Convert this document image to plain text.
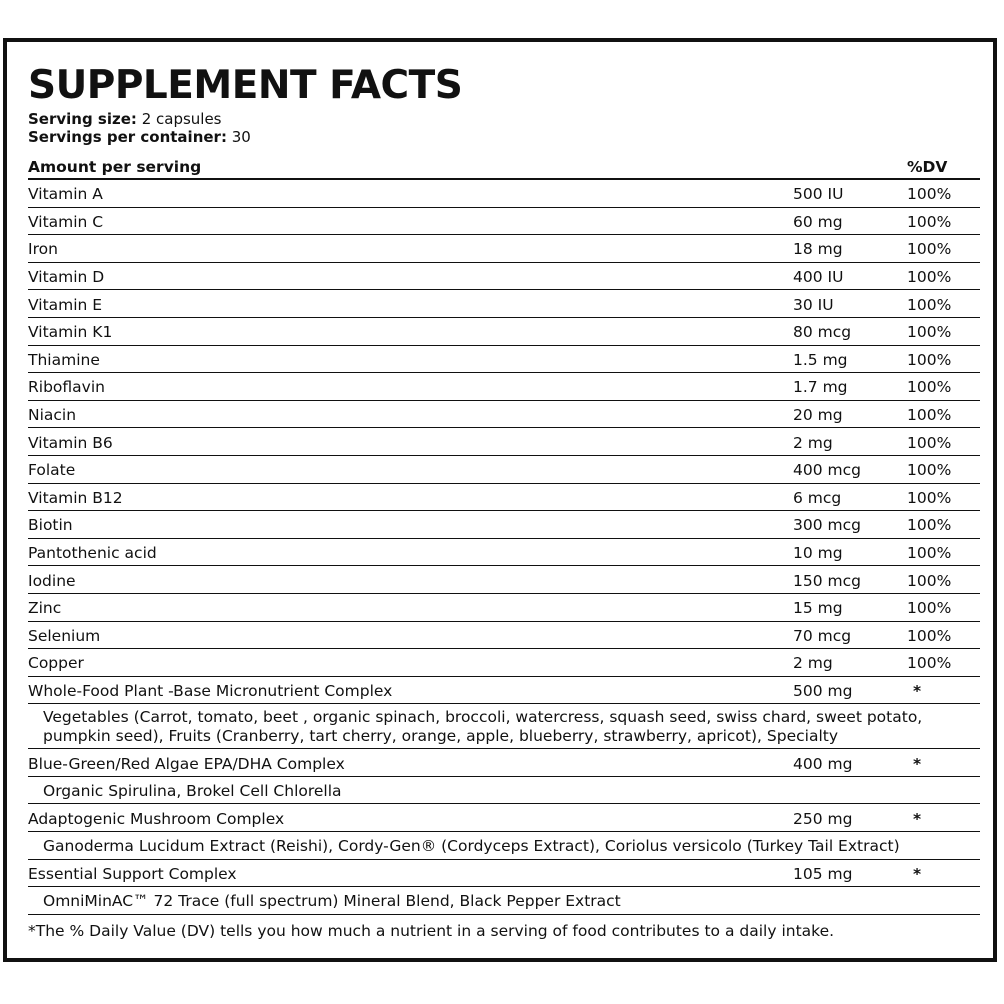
SUPPLEMENT FACTS
Serving size: 2 capsules
Servings per container: 30
Amount per serving	%DV
Vitamin A	500 IU	100%
Vitamin C	60 mg	100%
Iron	18 mg	100%
Vitamin D	400 IU	100%
Vitamin E	30 IU	100%
Vitamin K1	80 mcg	100%
Thiamine	1.5 mg	100%
Riboflavin	1.7 mg	100%
Niacin	20 mg	100%
Vitamin B6	2 mg	100%
Folate	400 mcg	100%
Vitamin B12	6 mcg	100%
Biotin	300 mcg	100%
Pantothenic acid	10 mg	100%
Iodine	150 mcg	100%
Zinc	15 mg	100%
Selenium	70 mcg	100%
Copper	2 mg	100%
Whole-Food Plant -Base Micronutrient Complex	500 mg	*
Vegetables (Carrot, tomato, beet , organic spinach, broccoli, watercress, squash seed, swiss chard, sweet potato, pumpkin seed), Fruits (Cranberry, tart cherry, orange, apple, blueberry, strawberry, apricot), Specialty
Blue-Green/Red Algae EPA/DHA Complex	400 mg	*
Organic Spirulina, Brokel Cell Chlorella
Adaptogenic Mushroom Complex	250 mg	*
Ganoderma Lucidum Extract (Reishi), Cordy-Gen® (Cordyceps Extract), Coriolus versicolo (Turkey Tail Extract)
Essential Support Complex	105 mg	*
OmniMinAC™ 72 Trace (full spectrum) Mineral Blend, Black Pepper Extract
*The % Daily Value (DV) tells you how much a nutrient in a serving of food contributes to a daily intake.
